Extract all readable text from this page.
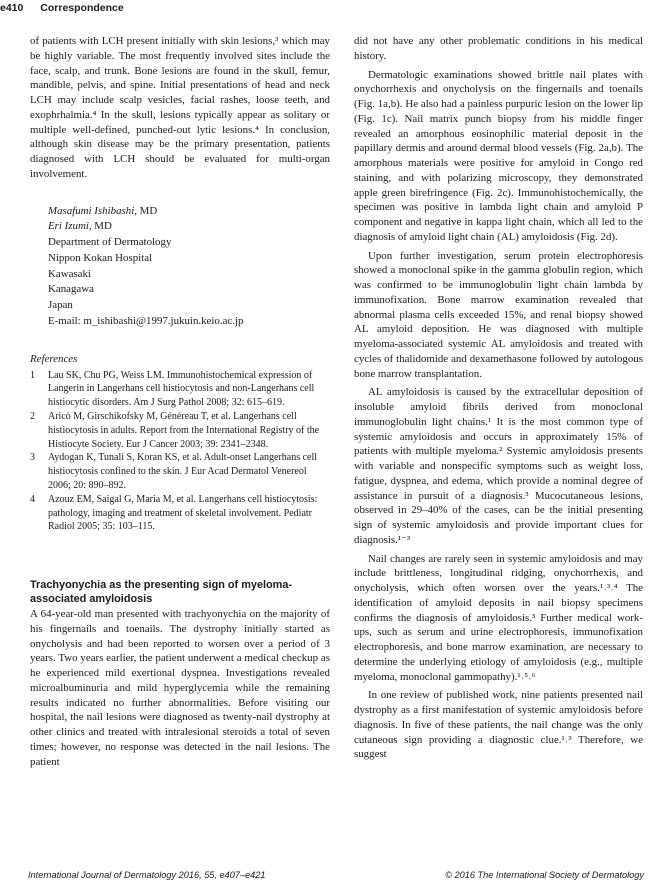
e410 Correspondence

of patients with LCH present initially with skin lesions,³ which may be highly variable. The most frequently involved sites include the face, scalp, and trunk. Bone lesions are found in the skull, femur, mandible, pelvis, and spine. Initial presentations of head and neck LCH may include scalp vesicles, facial rashes, loose teeth, and exophrhalmia.⁴ In the skull, lesions typically appear as solitary or multiple well-defined, punched-out lytic lesions.⁴ In conclusion, although skin disease may be the primary presentation, patients diagnosed with LCH should be evaluated for multi-organ involvement.

Masafumi Ishibashi, MD
Eri Izumi, MD
Department of Dermatology
Nippon Kokan Hospital
Kawasaki
Kanagawa
Japan
E-mail: m_ishibashi@1997.jukuin.keio.ac.jp
References
1 Lau SK, Chu PG, Weiss LM. Immunohistochemical expression of Langerin in Langerhans cell histiocytosis and non-Langerhans cell histiocytic disorders. Am J Surg Pathol 2008; 32: 615–619.
2 Aricò M, Girschikofsky M, Généreau T, et al. Langerhans cell histiocytosis in adults. Report from the International Registry of the Histiocyte Society. Eur J Cancer 2003; 39: 2341–2348.
3 Aydogan K, Tunali S, Koran KS, et al. Adult-onset Langerhans cell histiocytosis confined to the skin. J Eur Acad Dermatol Venereol 2006; 20: 890–892.
4 Azouz EM, Saigal G, Maria M, et al. Langerhans cell histiocytosis: pathology, imaging and treatment of skeletal involvement. Pediatr Radiol 2005; 35: 103–115.
Trachyonychia as the presenting sign of myeloma-associated amyloidosis

A 64-year-old man presented with trachyonychia on the majority of his fingernails and toenails. The dystrophy initially started as onycholysis and had been reported to worsen over a period of 3 years. Two years earlier, the patient underwent a medical checkup as he experienced mild exertional dyspnea. Investigations revealed microalbuminuria and mild hyperglycemia while the remaining results indicated no further abnormalities. Before visiting our hospital, the nail lesions were diagnosed as twenty-nail dystrophy at other clinics and treated with intralesional steroids a total of seven times; however, no response was detected in the nail lesions. The patient

did not have any other problematic conditions in his medical history.

Dermatologic examinations showed brittle nail plates with onychorrhexis and onycholysis on the fingernails and toenails (Fig. 1a,b). He also had a painless purpuric lesion on the lower lip (Fig. 1c). Nail matrix punch biopsy from his middle finger revealed an amorphous eosinophilic material deposit in the papillary dermis and around dermal blood vessels (Fig. 2a,b). The amorphous materials were positive for amyloid in Congo red staining, and with polarizing microscopy, they demonstrated apple green birefringence (Fig. 2c). Immunohistochemically, the specimen was positive in lambda light chain and amyloid P component and negative in kappa light chain, which all led to the diagnosis of amyloid light chain (AL) amyloidosis (Fig. 2d).

Upon further investigation, serum protein electrophoresis showed a monoclonal spike in the gamma globulin region, which was confirmed to be immunoglobulin light chain lambda by immunofixation. Bone marrow examination revealed that abnormal plasma cells exceeded 15%, and renal biopsy showed AL amyloid deposition. He was diagnosed with multiple myeloma-associated systemic AL amyloidosis and treated with cycles of thalidomide and dexamethasone followed by autologous bone marrow transplantation.

AL amyloidosis is caused by the extracellular deposition of insoluble amyloid fibrils derived from monoclonal immunoglobulin light chains.¹ It is the most common type of systemic amyloidosis and occurs in approximately 15% of patients with multiple myeloma.² Systemic amyloidosis presents with variable and nonspecific symptoms such as weight loss, fatigue, dyspnea, and edema, which provide a nominal degree of assistance in pursuit of a diagnosis.³ Mucocutaneous lesions, observed in 29–40% of the cases, can be the initial presenting sign of systemic amyloidosis and provide important clues for diagnosis.¹⁻³

Nail changes are rarely seen in systemic amyloidosis and may include brittleness, longitudinal ridging, onychorrhexis, and onycholysis, which often worsen over the years.¹˒³˒⁴ The identification of amyloid deposits in nail biopsy specimens confirms the diagnosis of amyloidosis.³ Further medical work-ups, such as serum and urine electrophoresis, immunofixation electrophoresis, and bone marrow examination, are necessary to determine the underlying etiology of amyloidosis (e.g., multiple myeloma, monoclonal gammopathy).¹˒⁵˒⁶

In one review of published work, nine patients presented nail dystrophy as a first manifestation of systemic amyloidosis before diagnosis. In five of these patients, the nail change was the only cutaneous sign providing a diagnostic clue.¹˒³ Therefore, we suggest

International Journal of Dermatology 2016, 55, e407–e421	© 2016 The International Society of Dermatology
